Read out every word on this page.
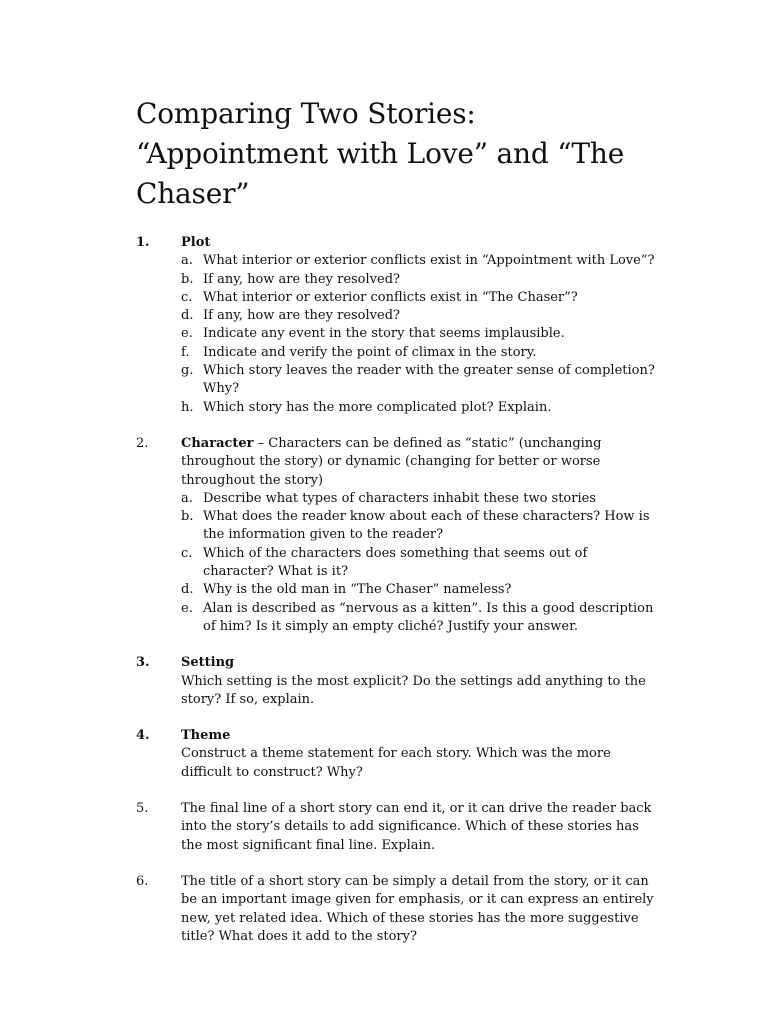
Comparing Two Stories: “Appointment with Love” and “The Chaser”
1. Plot
a. What interior or exterior conflicts exist in “Appointment with Love”?
b. If any, how are they resolved?
c. What interior or exterior conflicts exist in “The Chaser”?
d. If any, how are they resolved?
e. Indicate any event in the story that seems implausible.
f. Indicate and verify the point of climax in the story.
g. Which story leaves the reader with the greater sense of completion? Why?
h. Which story has the more complicated plot? Explain.
2.	Character – Characters can be defined as “static” (unchanging throughout the story) or dynamic (changing for better or worse throughout the story)
a. Describe what types of characters inhabit these two stories
b. What does the reader know about each of these characters? How is the information given to the reader?
c. Which of the characters does something that seems out of character? What is it?
d. Why is the old man in “The Chaser” nameless?
e. Alan is described as “nervous as a kitten”. Is this a good description of him? Is it simply an empty cliché? Justify your answer.
3. Setting
Which setting is the most explicit? Do the settings add anything to the story? If so, explain.
4. Theme
Construct a theme statement for each story. Which was the more difficult to construct? Why?
5.	The final line of a short story can end it, or it can drive the reader back into the story’s details to add significance. Which of these stories has the most significant final line. Explain.
6.	The title of a short story can be simply a detail from the story, or it can be an important image given for emphasis, or it can express an entirely new, yet related idea. Which of these stories has the more suggestive title? What does it add to the story?
